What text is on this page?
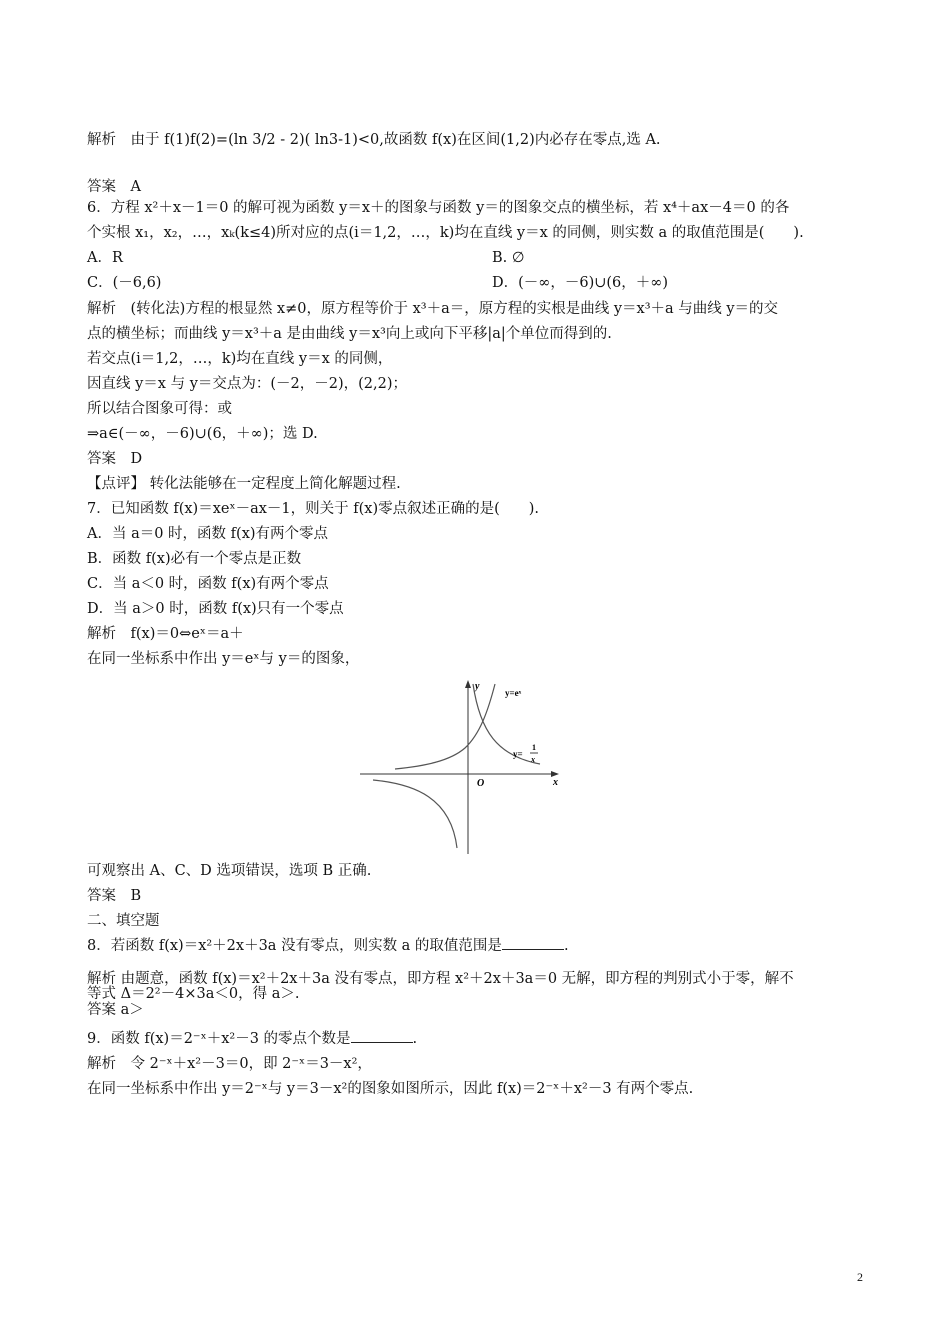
解析　由于 f(1)f(2)=(ln 3/2 - 2)( ln3-1)<0,故函数 f(x)在区间(1,2)内必存在零点,选 A.
答案　A
6．方程 x²＋x－1＝0 的解可视为函数 y＝x＋的图象与函数 y＝的图象交点的横坐标，若 x⁴＋ax－4＝0 的各
个实根 x₁，x₂，…，xₖ(k≤4)所对应的点(i＝1,2，…，k)均在直线 y＝x 的同侧，则实数 a 的取值范围是(　　).
A．R	B. ∅
C．(－6,6)	D．(－∞，－6)∪(6，＋∞)
解析　(转化法)方程的根显然 x≠0，原方程等价于 x³＋a＝，原方程的实根是曲线 y＝x³＋a 与曲线 y＝的交
点的横坐标；而曲线 y＝x³＋a 是由曲线 y＝x³向上或向下平移|a|个单位而得到的.
若交点(i＝1,2，…，k)均在直线 y＝x 的同侧，
因直线 y＝x 与 y＝交点为：(－2，－2)，(2,2)；
所以结合图象可得：或
⇒a∈(－∞，－6)∪(6，＋∞)；选 D.
答案　D
【点评】 转化法能够在一定程度上简化解题过程.
7．已知函数 f(x)＝xeˣ－ax－1，则关于 f(x)零点叙述正确的是(　　).
A．当 a＝0 时，函数 f(x)有两个零点
B．函数 f(x)必有一个零点是正数
C．当 a＜0 时，函数 f(x)有两个零点
D．当 a＞0 时，函数 f(x)只有一个零点
解析　f(x)＝0⇔eˣ＝a＋
在同一坐标系中作出 y＝eˣ与 y＝的图象，
y
x
O
y=eˣ
y=
1
x
可观察出 A、C、D 选项错误，选项 B 正确.
答案　B
二、填空题
8．若函数 f(x)＝x²＋2x＋3a 没有零点，则实数 a 的取值范围是	.
解析 由题意，函数 f(x)＝x²＋2x＋3a 没有零点，即方程 x²＋2x＋3a＝0 无解，即方程的判别式小于零，解不
等式 Δ＝2²－4×3a＜0，得 a＞.
答案 a＞
9．函数 f(x)＝2⁻ˣ＋x²－3 的零点个数是	.
解析　令 2⁻ˣ＋x²－3＝0，即 2⁻ˣ＝3－x²，
在同一坐标系中作出 y＝2⁻ˣ与 y＝3－x²的图象如图所示，因此 f(x)＝2⁻ˣ＋x²－3 有两个零点.
2
